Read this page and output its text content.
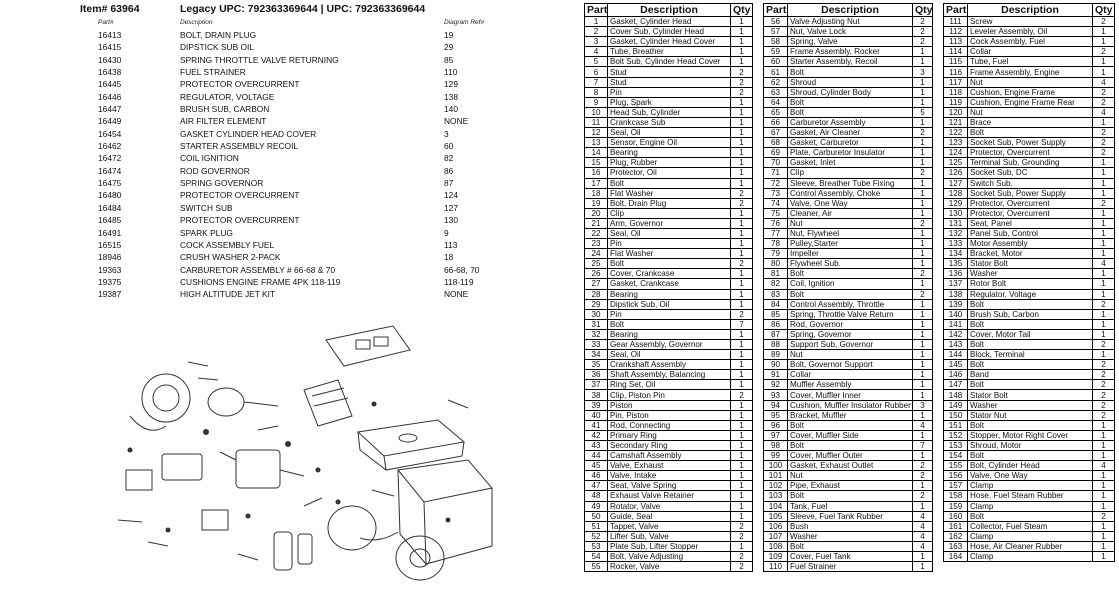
Item# 63964	Legacy UPC: 792363369644 | UPC: 792363369644
Part#	Description	Diagram Ref#
16413	BOLT, DRAIN PLUG	19
16415	DIPSTICK SUB OIL	29
16430	SPRING THROTTLE VALVE RETURNING	85
16438	FUEL STRAINER	110
16445	PROTECTOR OVERCURRENT	129
16446	REGULATOR, VOLTAGE	138
16447	BRUSH SUB, CARBON	140
16449	AIR FILTER ELEMENT	NONE
16454	GASKET CYLINDER HEAD COVER	3
16462	STARTER ASSEMBLY RECOIL	60
16472	COIL IGNITION	82
16474	ROD GOVERNOR	86
16475	SPRING GOVERNOR	87
16480	PROTECTOR OVERCURRENT	124
16484	SWITCH SUB	127
16485	PROTECTOR OVERCURRENT	130
16491	SPARK PLUG	9
16515	COCK ASSEMBLY FUEL	113
18946	CRUSH WASHER 2-PACK	18
19363	CARBURETOR ASSEMBLY # 66-68 & 70	66-68, 70
19375	CUSHIONS ENGINE FRAME 4PK 118-119	118-119
19387	HIGH ALTITUDE JET KIT	NONE
Part	Description	Qty
1	Gasket, Cylinder Head	1
2	Cover Sub, Cylinder Head	1
3	Gasket, Cylinder Head Cover	1
4	Tube, Breather	1
5	Bolt Sub, Cylinder Head Cover	1
6	Stud	2
7	Stud	2
8	Pin	2
9	Plug, Spark	1
10	Head Sub, Cylinder	1
11	Crankcase Sub	1
12	Seal, Oil	1
13	Sensor, Engine Oil	1
14	Bearing	1
15	Plug, Rubber	1
16	Protector, Oil	1
17	Bolt	1
18	Flat Washer	2
19	Bolt, Drain Plug	2
20	Clip	1
21	Arm, Governor	1
22	Seal, Oil	1
23	Pin	1
24	Flat Washer	1
25	Bolt	2
26	Cover, Crankcase	1
27	Gasket, Crankcase	1
28	Bearing	1
29	Dipstick Sub, Oil	1
30	Pin	2
31	Bolt	7
32	Bearing	1
33	Gear Assembly, Governor	1
34	Seal, Oil	1
35	Crankshaft Assembly	1
36	Shaft Assembly, Balancing	1
37	Ring Set, Oil	1
38	Clip, Piston Pin	2
39	Piston	1
40	Pin, Piston	1
41	Rod, Connecting	1
42	Primary Ring	1
43	Secondary Ring	1
44	Camshaft Assembly	1
45	Valve, Exhaust	1
46	Valve, Intake	1
47	Seat, Valve Spring	1
48	Exhaust Valve Retainer	1
49	Rotator, Valve	1
50	Guide, Seal	1
51	Tappet, Valve	2
52	Lifter Sub, Valve	2
53	Plate Sub, Lifter Stopper	1
54	Bolt, Valve Adjusting	2
55	Rocker, Valve	2
Part	Description	Qty
56	Valve Adjusting Nut	2
57	Nut, Valve Lock	2
58	Spring, Valve	2
59	Frame Assembly, Rocker	1
60	Starter Assembly, Recoil	1
61	Bolt	3
62	Shroud	1
63	Shroud, Cylinder Body	1
64	Bolt	1
65	Bolt	5
66	Carburetor Assembly	1
67	Gasket, Air Cleaner	2
68	Gasket, Carburetor	1
69	Plate, Carburetor Insulator	1
70	Gasket, Inlet	1
71	Clip	2
72	Sleeve, Breather Tube Fixing	1
73	Control Assembly, Choke	1
74	Valve, One Way	1
75	Cleaner, Air	1
76	Nut	2
77	Nut, Flywheel	1
78	Pulley,Starter	1
79	Impeller	1
80	Flywheel Sub.	1
81	Bolt	2
82	Coil, Ignition	1
83	Bolt	2
84	Control Assembly, Throttle	1
85	Spring, Throttle Valve Return	1
86	Rod, Governor	1
87	Spring, Governor	1
88	Support Sub, Governor	1
89	Nut	1
90	Bolt, Governor Support	1
91	Collar	1
92	Muffler Assembly	1
93	Cover, Muffler Inner	1
94	Cushion, Muffler Insulator Rubber	3
95	Bracket, Muffler	1
96	Bolt	4
97	Cover, Muffler Side	1
98	Bolt	7
99	Cover, Muffler Outer	1
100	Gasket, Exhaust Outlet	2
101	Nut	2
102	Pipe, Exhaust	1
103	Bolt	2
104	Tank, Fuel	1
105	Sleeve, Fuel Tank Rubber	4
106	Bush	4
107	Washer	4
108	Bolt	4
109	Cover, Fuel Tank	1
110	Fuel Strainer	1
Part	Description	Qty
111	Screw	2
112	Leveler Assembly, Oil	1
113	Cock Assembly, Fuel	1
114	Collar	2
115	Tube, Fuel	1
116	Frame Assembly, Engine	1
117	Nut	4
118	Cushion, Engine Frame	2
119	Cushion, Engine Frame Rear	2
120	Nut	4
121	Brace	1
122	Bolt	2
123	Socket Sub, Power Supply	2
124	Protector, Overcurrent	2
125	Terminal Sub, Grounding	1
126	Socket Sub, DC	1
127	Switch Sub.	1
128	Socket Sub, Power Supply	1
129	Protector, Overcurrent	2
130	Protector, Overcurrent	1
131	Seat, Panel	1
132	Panel Sub, Control	1
133	Motor Assembly	1
134	Bracket, Motor	1
135	Stator Bolt	4
136	Washer	1
137	Rotor Bolt	1
138	Regulator, Voltage	1
139	Bolt	2
140	Brush Sub, Carbon	1
141	Bolt	1
142	Cover, Motor Tail	1
143	Bolt	2
144	Block, Terminal	1
145	Bolt	2
146	Band	2
147	Bolt	2
148	Stator Bolt	2
149	Washer	2
150	Stator Nut	2
151	Bolt	1
152	Stopper, Motor Right Cover	1
153	Shroud, Motor	1
154	Bolt	1
155	Bolt, Cylinder Head	4
156	Valve, One Way	1
157	Clamp	1
158	Hose, Fuel Steam Rubber	1
159	Clamp	1
160	Bolt	2
161	Collector, Fuel Steam	1
162	Clamp	1
163	Hose, Air Cleaner Rubber	1
164	Clamp	1
